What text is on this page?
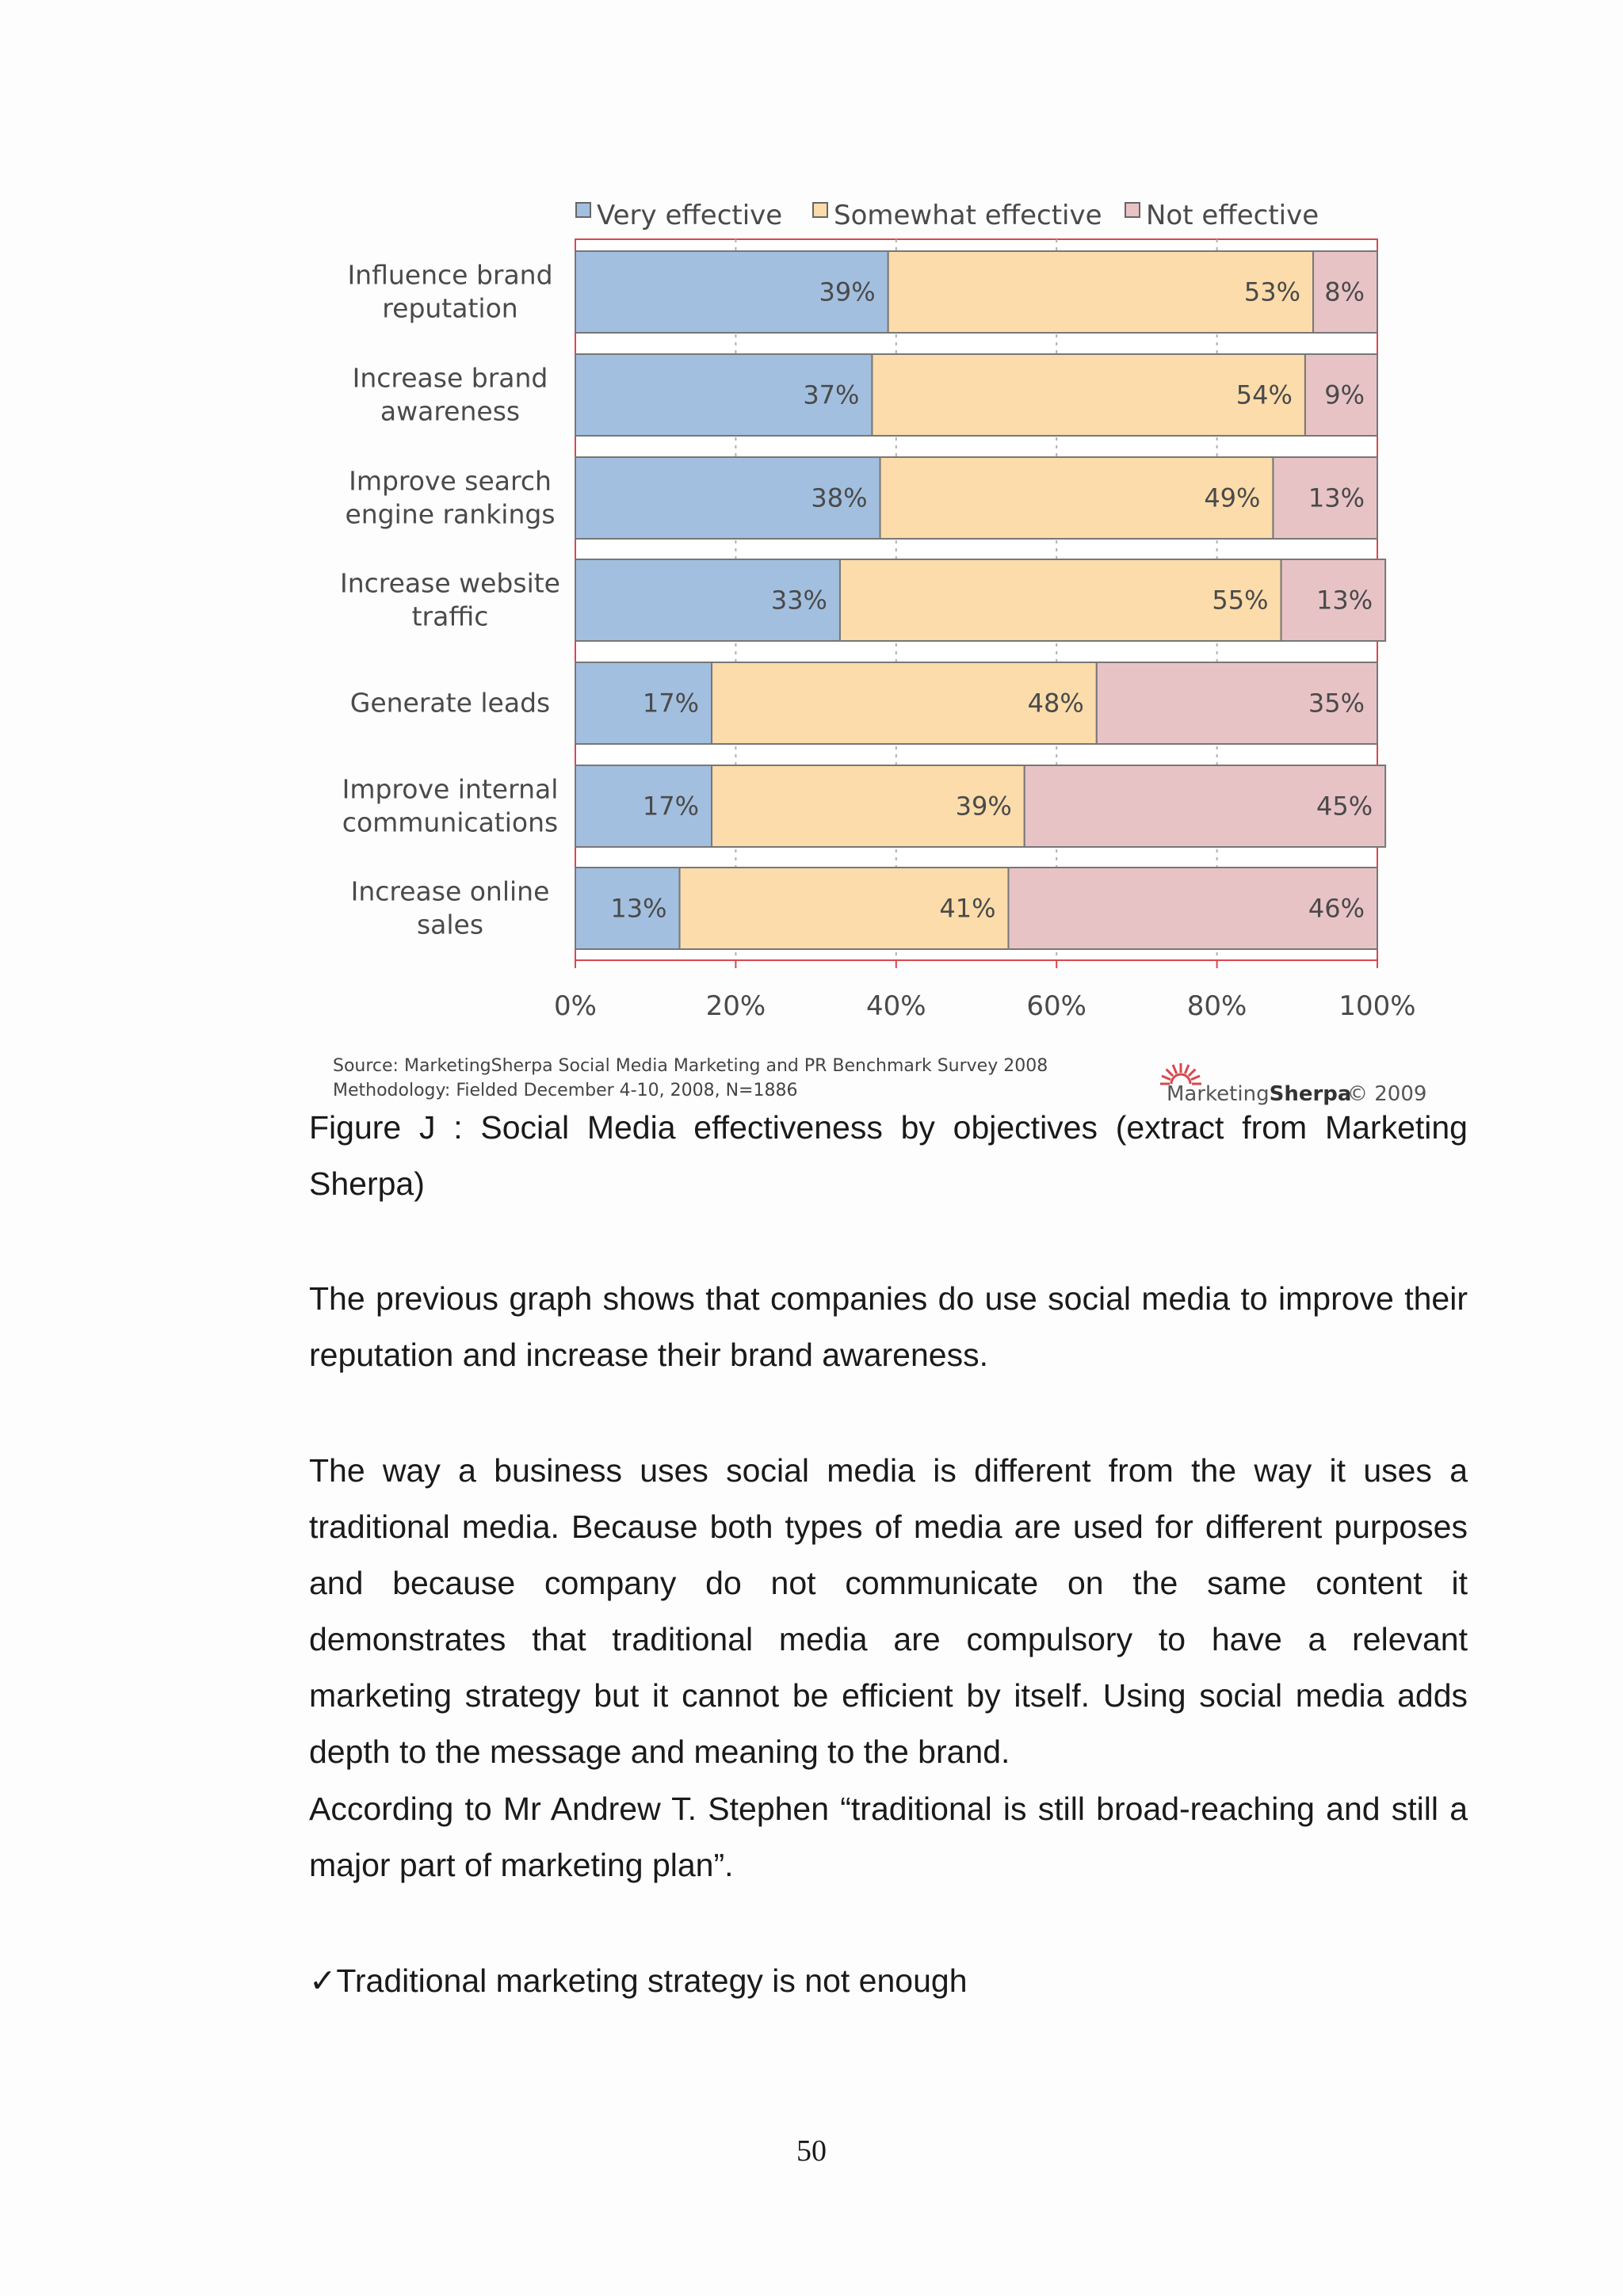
Very effective Somewhat effective Not effective
39%	53% 8%
Influence brand reputation
37%	54% 9%
Increase brand awareness
38%	49% 13%
Improve search engine rankings
33%	55% 13%
Increase website traffic
17%	48%	35%
Generate leads
17%	39%	45%
Improve internal communications
13%	41%	46%
Increase online sales
0%	20%	40%	60%	80%	100%
Source: MarketingSherpa Social Media Marketing and PR Benchmark Survey 2008
Methodology: Fielded December 4-10, 2008, N=1886	MarketingSherpa
© 2009
Figure J : Social Media effectiveness by objectives (extract from Marketing
Sherpa)
The previous graph shows that companies do use social media to improve their
reputation and increase their brand awareness.
The way a business uses social media is different from the way it uses a
traditional media. Because both types of media are used for different purposes
and because company do not communicate on the same content it
demonstrates that traditional media are compulsory to have a relevant
marketing strategy but it cannot be efficient by itself. Using social media adds
depth to the message and meaning to the brand.
According to Mr Andrew T. Stephen “traditional is still broad-reaching and still a
major part of marketing plan”.
✓Traditional marketing strategy is not enough
50
